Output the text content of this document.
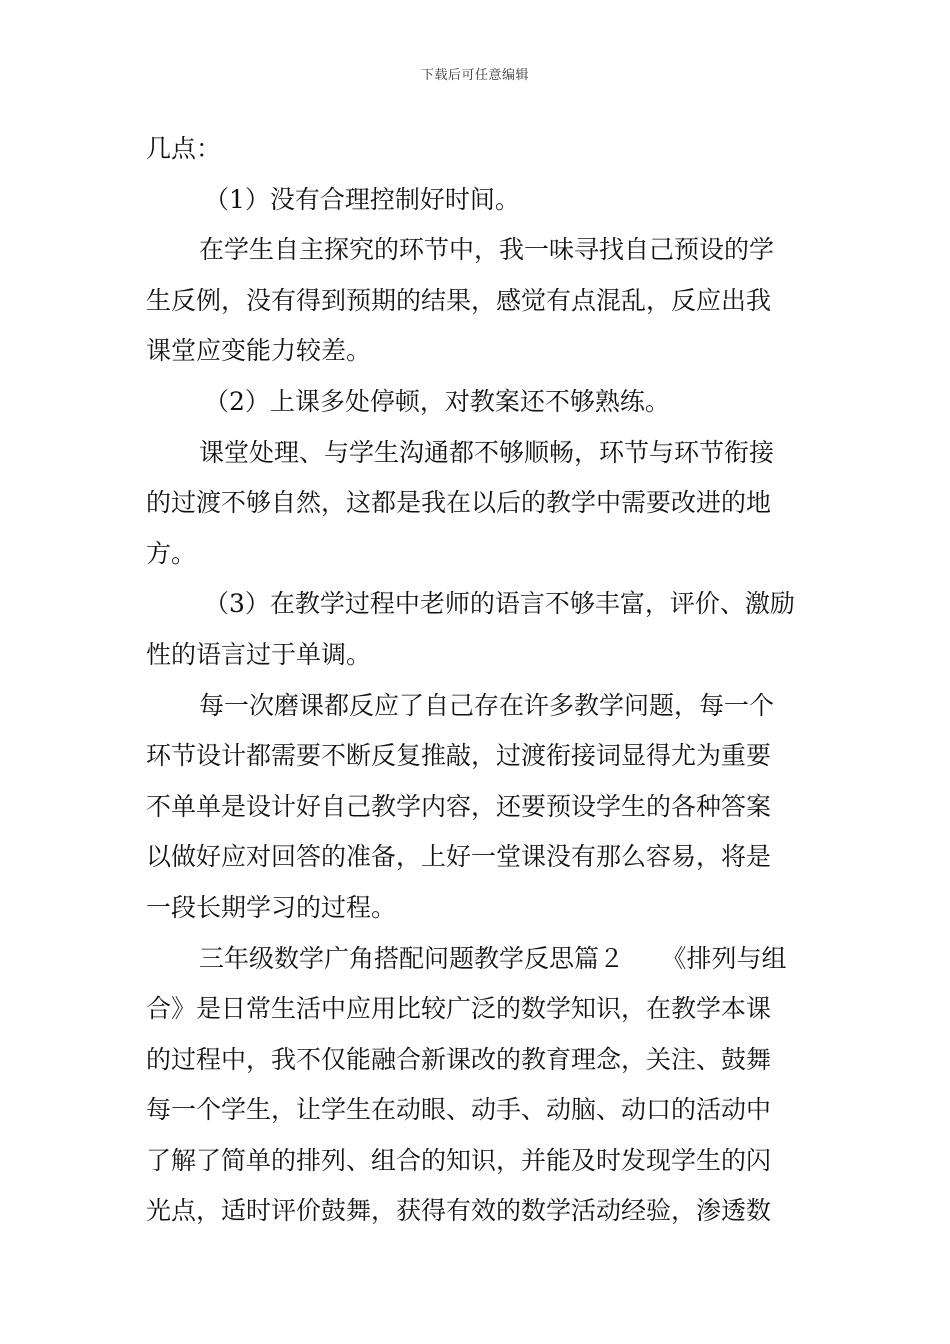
下载后可任意编辑
几点：
（1）没有合理控制好时间。
在学生自主探究的环节中，我一味寻找自己预设的学
生反例，没有得到预期的结果，感觉有点混乱，反应出我
课堂应变能力较差。
（2）上课多处停顿，对教案还不够熟练。
课堂处理、与学生沟通都不够顺畅，环节与环节衔接
的过渡不够自然，这都是我在以后的教学中需要改进的地
方。
（3）在教学过程中老师的语言不够丰富，评价、激励
性的语言过于单调。
每一次磨课都反应了自己存在许多教学问题，每一个
环节设计都需要不断反复推敲，过渡衔接词显得尤为重要
不单单是设计好自己教学内容，还要预设学生的各种答案
以做好应对回答的准备，上好一堂课没有那么容易，将是
一段长期学习的过程。
三年级数学广角搭配问题教学反思篇２　　《排列与组
合》是日常生活中应用比较广泛的数学知识，在教学本课
的过程中，我不仅能融合新课改的教育理念，关注、鼓舞
每一个学生，让学生在动眼、动手、动脑、动口的活动中
了解了简单的排列、组合的知识，并能及时发现学生的闪
光点，适时评价鼓舞，获得有效的数学活动经验，渗透数
